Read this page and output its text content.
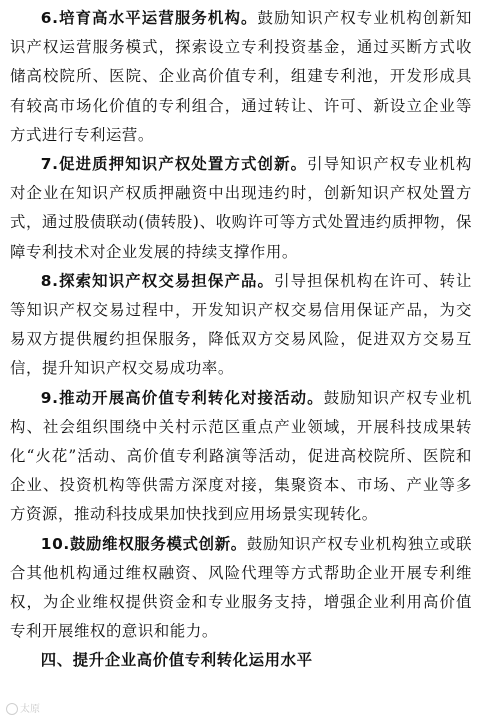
6.培育高水平运营服务机构。鼓励知识产权专业机构创新知识产权运营服务模式，探索设立专利投资基金，通过买断方式收储高校院所、医院、企业高价值专利，组建专利池，开发形成具有较高市场化价值的专利组合，通过转让、许可、新设立企业等方式进行专利运营。

7.促进质押知识产权处置方式创新。引导知识产权专业机构对企业在知识产权质押融资中出现违约时，创新知识产权处置方式，通过股债联动(债转股)、收购许可等方式处置违约质押物，保障专利技术对企业发展的持续支撑作用。

8.探索知识产权交易担保产品。引导担保机构在许可、转让等知识产权交易过程中，开发知识产权交易信用保证产品，为交易双方提供履约担保服务，降低双方交易风险，促进双方交易互信，提升知识产权交易成功率。

9.推动开展高价值专利转化对接活动。鼓励知识产权专业机构、社会组织围绕中关村示范区重点产业领域，开展科技成果转化“火花”活动、高价值专利路演等活动，促进高校院所、医院和企业、投资机构等供需方深度对接，集聚资本、市场、产业等多方资源，推动科技成果加快找到应用场景实现转化。

10.鼓励维权服务模式创新。鼓励知识产权专业机构独立或联合其他机构通过维权融资、风险代理等方式帮助企业开展专利维权，为企业维权提供资金和专业服务支持，增强企业利用高价值专利开展维权的意识和能力。

四、提升企业高价值专利转化运用水平

太原
